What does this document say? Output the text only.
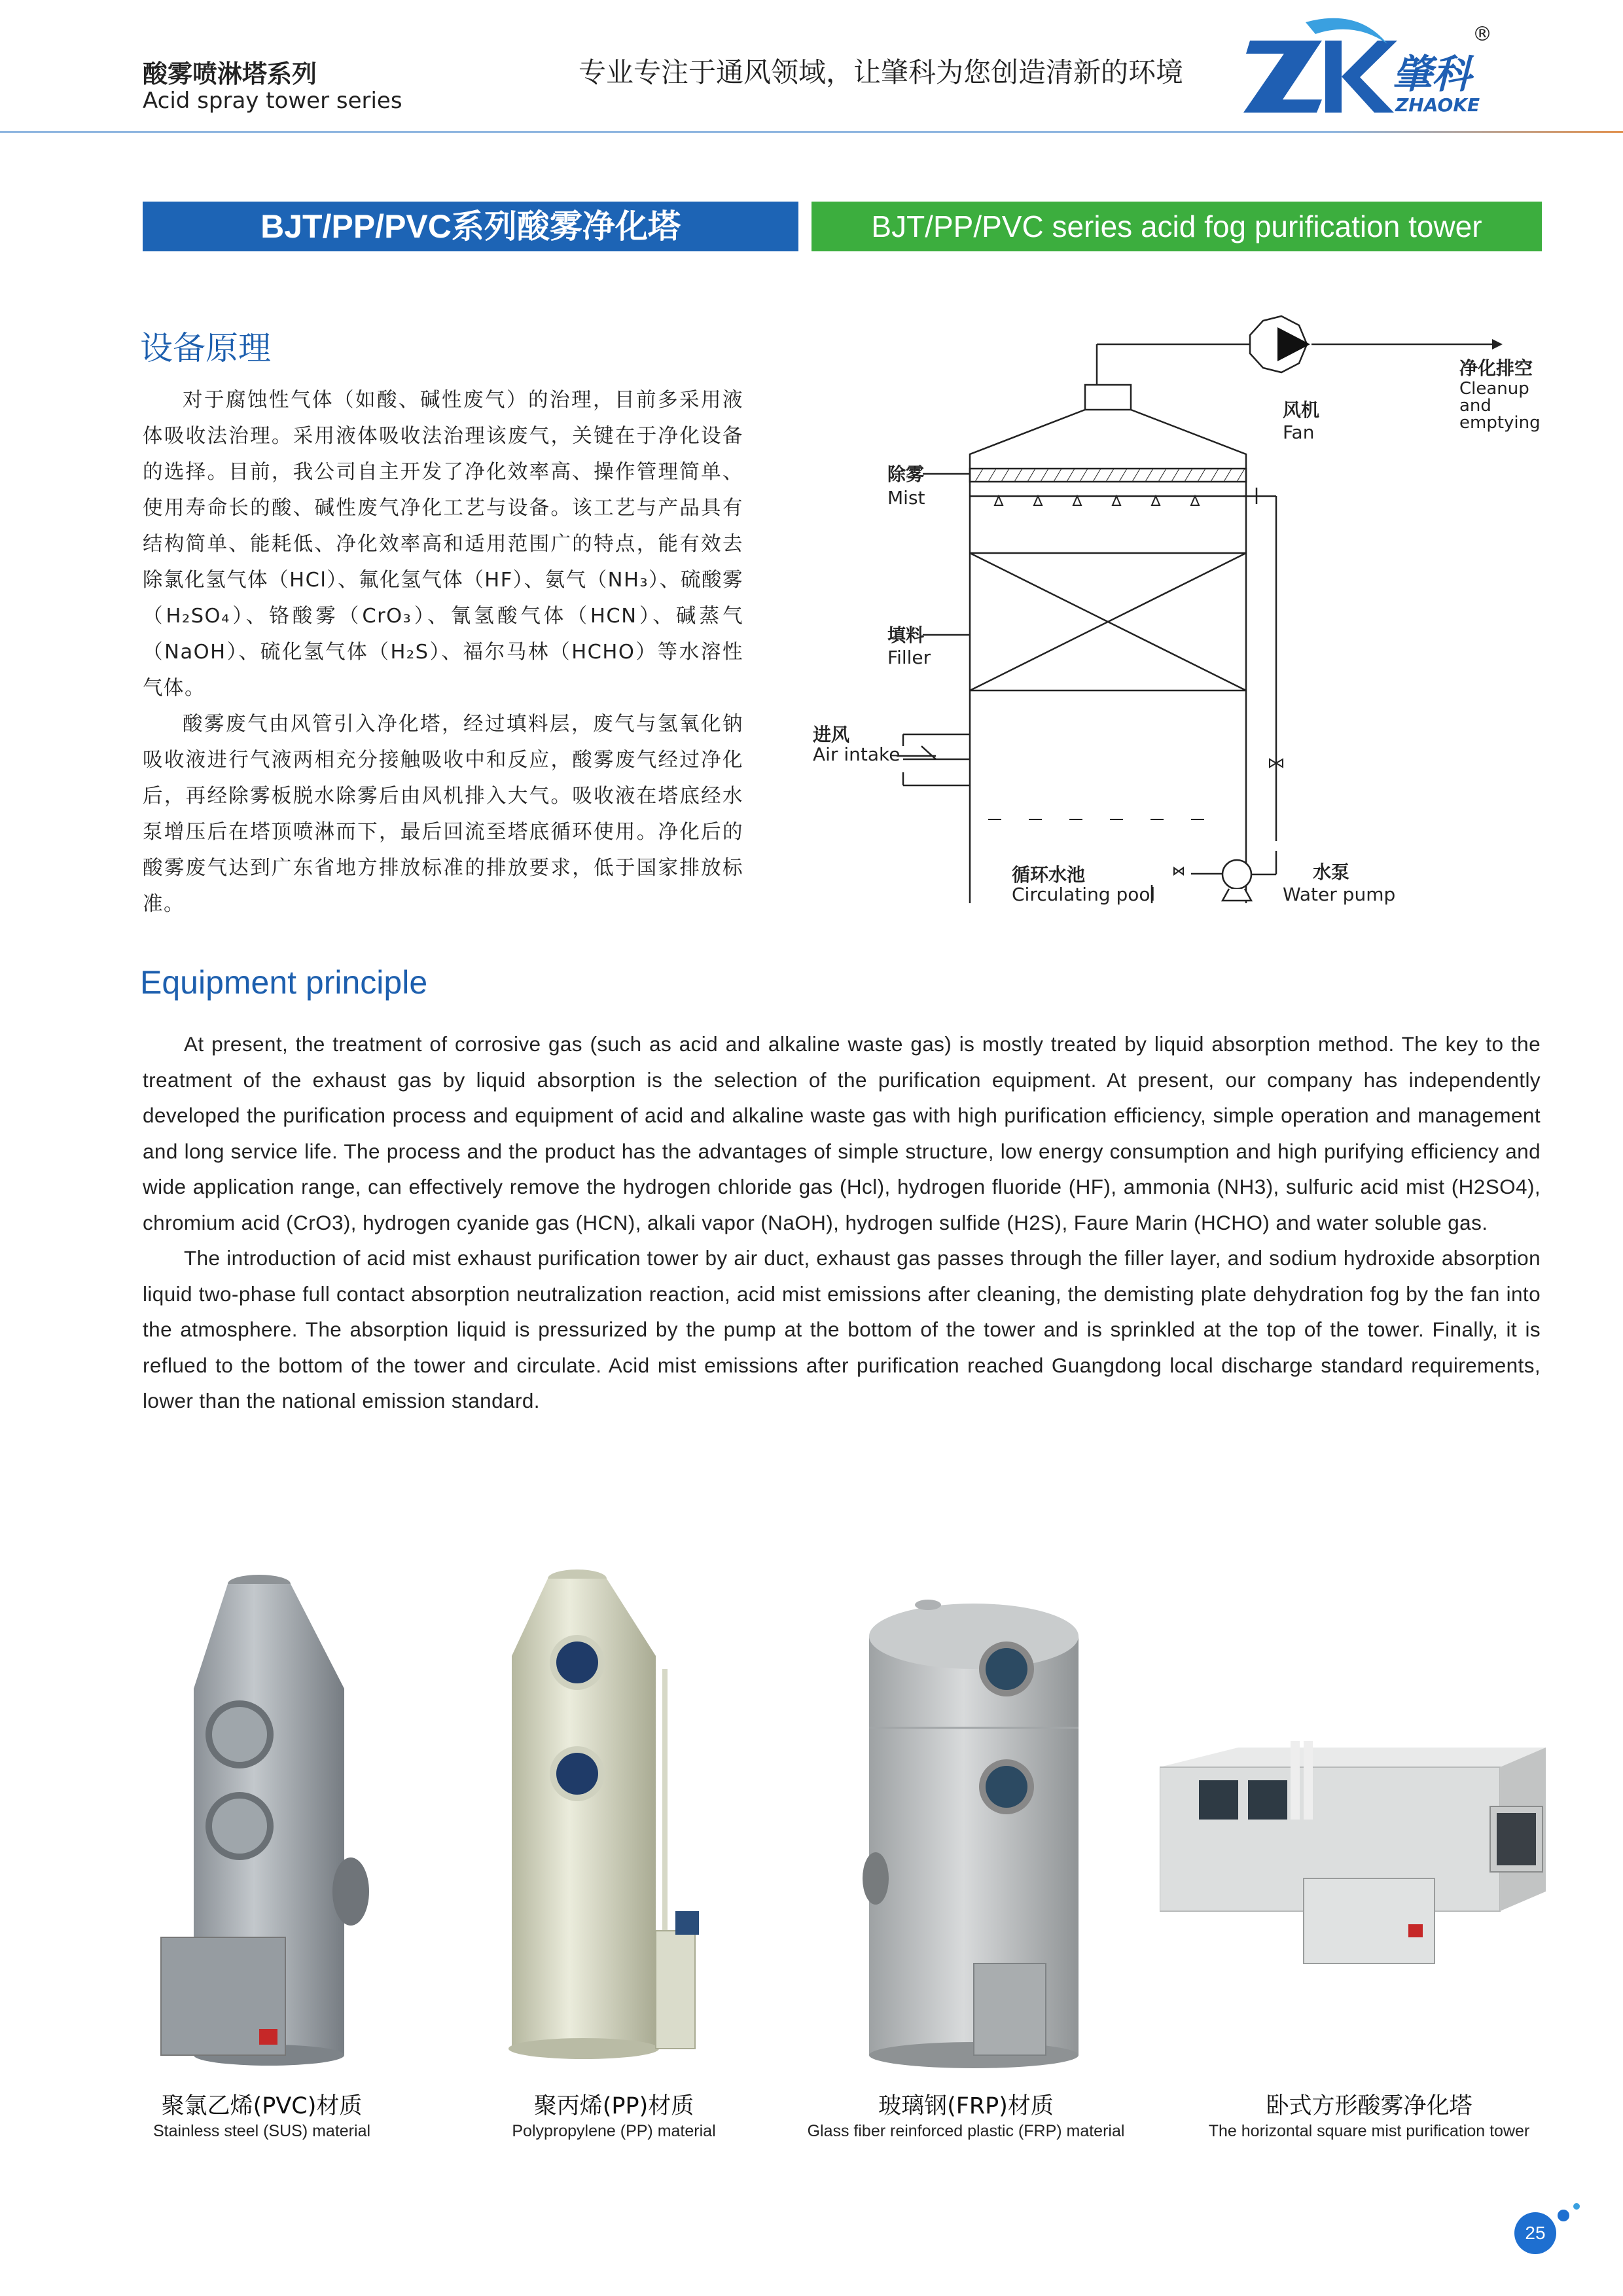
酸雾喷淋塔系列
Acid spray tower series
专业专注于通风领域，让肇科为您创造清新的环境	肇科
ZHAOKE
®
BJT/PP/PVC系列酸雾净化塔	BJT/PP/PVC series acid fog purification tower
设备原理

对于腐蚀性气体（如酸、碱性废气）的治理，目前多采用液体吸收法治理。采用液体吸收法治理该废气，关键在于净化设备的选择。目前，我公司自主开发了净化效率高、操作管理简单、使用寿命长的酸、碱性废气净化工艺与设备。该工艺与产品具有结构简单、能耗低、净化效率高和适用范围广的特点，能有效去除氯化氢气体（HCl）、氟化氢气体（HF）、氨气（NH₃）、硫酸雾（H₂SO₄）、铬酸雾（CrO₃）、氰氢酸气体（HCN）、碱蒸气（NaOH）、硫化氢气体（H₂S）、福尔马林（HCHO）等水溶性气体。

酸雾废气由风管引入净化塔，经过填料层，废气与氢氧化钠吸收液进行气液两相充分接触吸收中和反应，酸雾废气经过净化后，再经除雾板脱水除雾后由风机排入大气。吸收液在塔底经水泵增压后在塔顶喷淋而下，最后回流至塔底循环使用。净化后的酸雾废气达到广东省地方排放标准的排放要求，低于国家排放标准。

净化排空
Cleanup
and
emptying
风机
Fan
除雾
Mist
填料
Filler
进风
Air intake
循环水池
Circulating pool
水泵
Water pump
Equipment principle

At present, the treatment of corrosive gas (such as acid and alkaline waste gas) is mostly treated by liquid absorption method. The key to the treatment of the exhaust gas by liquid absorption is the selection of the purification equipment. At present, our company has independently developed the purification process and equipment of acid and alkaline waste gas with high purification efficiency, simple operation and management and long service life. The process and the product has the advantages of simple structure, low energy consumption and high purifying efficiency and wide application range, can effectively remove the hydrogen chloride gas (Hcl), hydrogen fluoride (HF), ammonia (NH3), sulfuric acid mist (H2SO4), chromium acid (CrO3), hydrogen cyanide gas (HCN), alkali vapor (NaOH), hydrogen sulfide (H2S), Faure Marin (HCHO) and water soluble gas.

The introduction of acid mist exhaust purification tower by air duct, exhaust gas passes through the filler layer, and sodium hydroxide absorption liquid two-phase full contact absorption neutralization reaction, acid mist emissions after cleaning, the demisting plate dehydration fog by the fan into the atmosphere. The absorption liquid is pressurized by the pump at the bottom of the tower and is sprinkled at the top of the tower. Finally, it is reflued to the bottom of the tower and circulate. Acid mist emissions after purification reached Guangdong local discharge standard requirements, lower than the national emission standard.

聚氯乙烯(PVC)材质
Stainless steel (SUS) material
聚丙烯(PP)材质
Polypropylene (PP) material
玻璃钢(FRP)材质
Glass fiber reinforced plastic (FRP) material
卧式方形酸雾净化塔
The horizontal square mist purification tower
25
